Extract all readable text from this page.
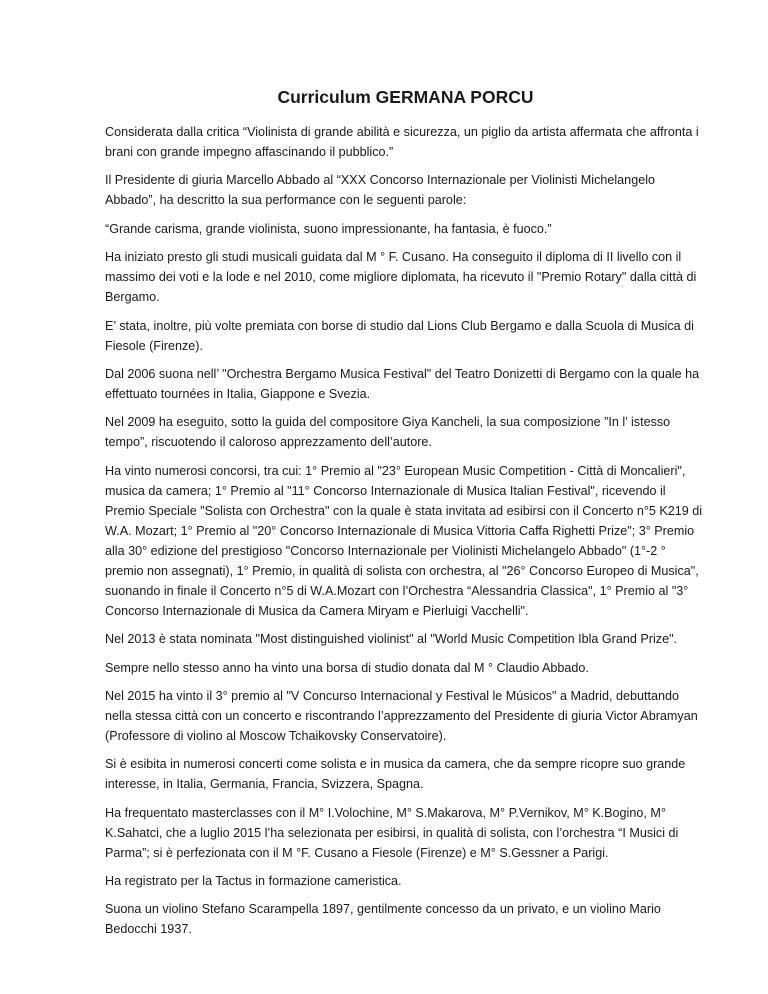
Curriculum GERMANA PORCU

Considerata dalla critica “Violinista di grande abilità e sicurezza, un piglio da artista affermata che affronta i brani con grande impegno affascinando il pubblico.”

Il Presidente di giuria Marcello Abbado al “XXX Concorso Internazionale per Violinisti Michelangelo Abbado”, ha descritto la sua performance con le seguenti parole:

“Grande carisma, grande violinista, suono impressionante, ha fantasia, è fuoco.”

Ha iniziato presto gli studi musicali guidata dal M ° F. Cusano. Ha conseguito il diploma di II livello con il massimo dei voti e la lode e nel 2010, come migliore diplomata, ha ricevuto il "Premio Rotary" dalla città di Bergamo.

E’ stata, inoltre, più volte premiata con borse di studio dal Lions Club Bergamo e dalla Scuola di Musica di Fiesole (Firenze).

Dal 2006 suona nell’ "Orchestra Bergamo Musica Festival" del Teatro Donizetti di Bergamo con la quale ha effettuato tournées in Italia, Giappone e Svezia.

Nel 2009 ha eseguito, sotto la guida del compositore Giya Kancheli, la sua composizione ”In l’ istesso tempo”, riscuotendo il caloroso apprezzamento dell’autore.

Ha vinto numerosi concorsi, tra cui: 1° Premio al "23° European Music Competition - Città di Moncalieri", musica da camera; 1° Premio al "11° Concorso Internazionale di Musica Italian Festival", ricevendo il Premio Speciale "Solista con Orchestra" con la quale è stata invitata ad esibirsi con il Concerto n°5 K219 di W.A. Mozart; 1° Premio al "20° Concorso Internazionale di Musica Vittoria Caffa Righetti Prize"; 3° Premio alla 30° edizione del prestigioso "Concorso Internazionale per Violinisti Michelangelo Abbado" (1°-2 ° premio non assegnati), 1° Premio, in qualità di solista con orchestra, al "26° Concorso Europeo di Musica", suonando in finale il Concerto n°5 di W.A.Mozart con l’Orchestra “Alessandria Classica", 1° Premio al "3° Concorso Internazionale di Musica da Camera Miryam e Pierluigi Vacchelli".

Nel 2013 è stata nominata "Most distinguished violinist" al "World Music Competition Ibla Grand Prize".

Sempre nello stesso anno ha vinto una borsa di studio donata dal M ° Claudio Abbado.

Nel 2015 ha vinto il 3° premio al "V Concurso Internacional y Festival le Músicos" a Madrid, debuttando nella stessa città con un concerto e riscontrando l’apprezzamento del Presidente di giuria Victor Abramyan (Professore di violino al Moscow Tchaikovsky Conservatoire).

Si è esibita in numerosi concerti come solista e in musica da camera, che da sempre ricopre suo grande interesse, in Italia, Germania, Francia, Svizzera, Spagna.

Ha frequentato masterclasses con il M° I.Volochine, M° S.Makarova, M° P.Vernikov, M° K.Bogino, M° K.Sahatci, che a luglio 2015 l’ha selezionata per esibirsi, in qualità di solista, con l’orchestra “I Musici di Parma”; si è perfezionata con il M °F. Cusano a Fiesole (Firenze) e M° S.Gessner a Parigi.

Ha registrato per la Tactus in formazione cameristica.

Suona un violino Stefano Scarampella 1897, gentilmente concesso da un privato, e un violino Mario Bedocchi 1937.
